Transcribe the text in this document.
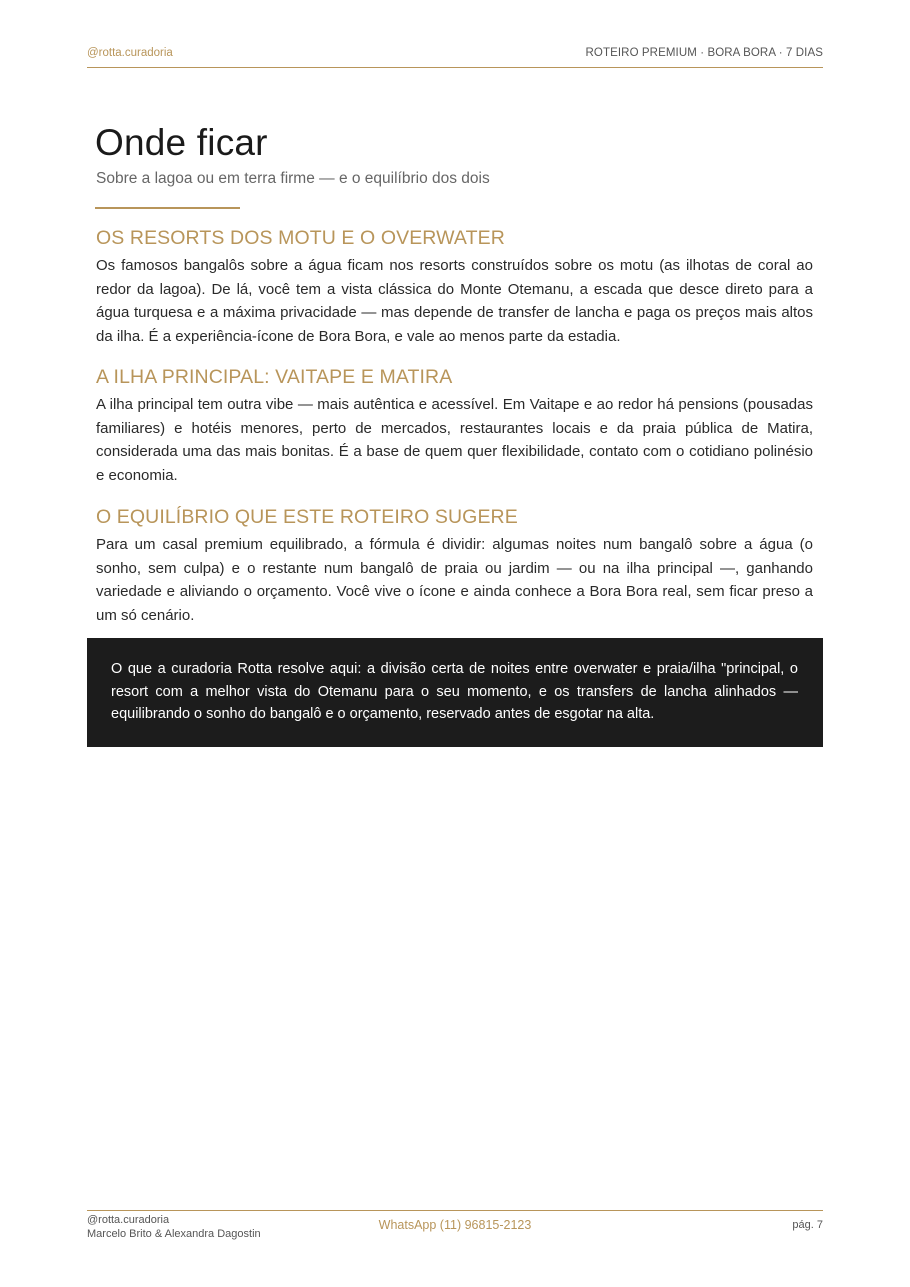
@rotta.curadoria	ROTEIRO PREMIUM · BORA BORA · 7 DIAS
Onde ficar

Sobre a lagoa ou em terra firme — e o equilíbrio dos dois

OS RESORTS DOS MOTU E O OVERWATER

Os famosos bangalôs sobre a água ficam nos resorts construídos sobre os motu (as ilhotas de coral ao redor da lagoa). De lá, você tem a vista clássica do Monte Otemanu, a escada que desce direto para a água turquesa e a máxima privacidade — mas depende de transfer de lancha e paga os preços mais altos da ilha. É a experiência-ícone de Bora Bora, e vale ao menos parte da estadia.

A ILHA PRINCIPAL: VAITAPE E MATIRA

A ilha principal tem outra vibe — mais autêntica e acessível. Em Vaitape e ao redor há pensions (pousadas familiares) e hotéis menores, perto de mercados, restaurantes locais e da praia pública de Matira, considerada uma das mais bonitas. É a base de quem quer flexibilidade, contato com o cotidiano polinésio e economia.

O EQUILÍBRIO QUE ESTE ROTEIRO SUGERE

Para um casal premium equilibrado, a fórmula é dividir: algumas noites num bangalô sobre a água (o sonho, sem culpa) e o restante num bangalô de praia ou jardim — ou na ilha principal —, ganhando variedade e aliviando o orçamento. Você vive o ícone e ainda conhece a Bora Bora real, sem ficar preso a um só cenário.

O que a curadoria Rotta resolve aqui: a divisão certa de noites entre overwater e praia/ilha "principal, o resort com a melhor vista do Otemanu para o seu momento, e os transfers de lancha alinhados — equilibrando o sonho do bangalô e o orçamento, reservado antes de esgotar na alta.

@rotta.curadoria
Marcelo Brito & Alexandra Dagostin
WhatsApp (11) 96815-2123	pág. 7
